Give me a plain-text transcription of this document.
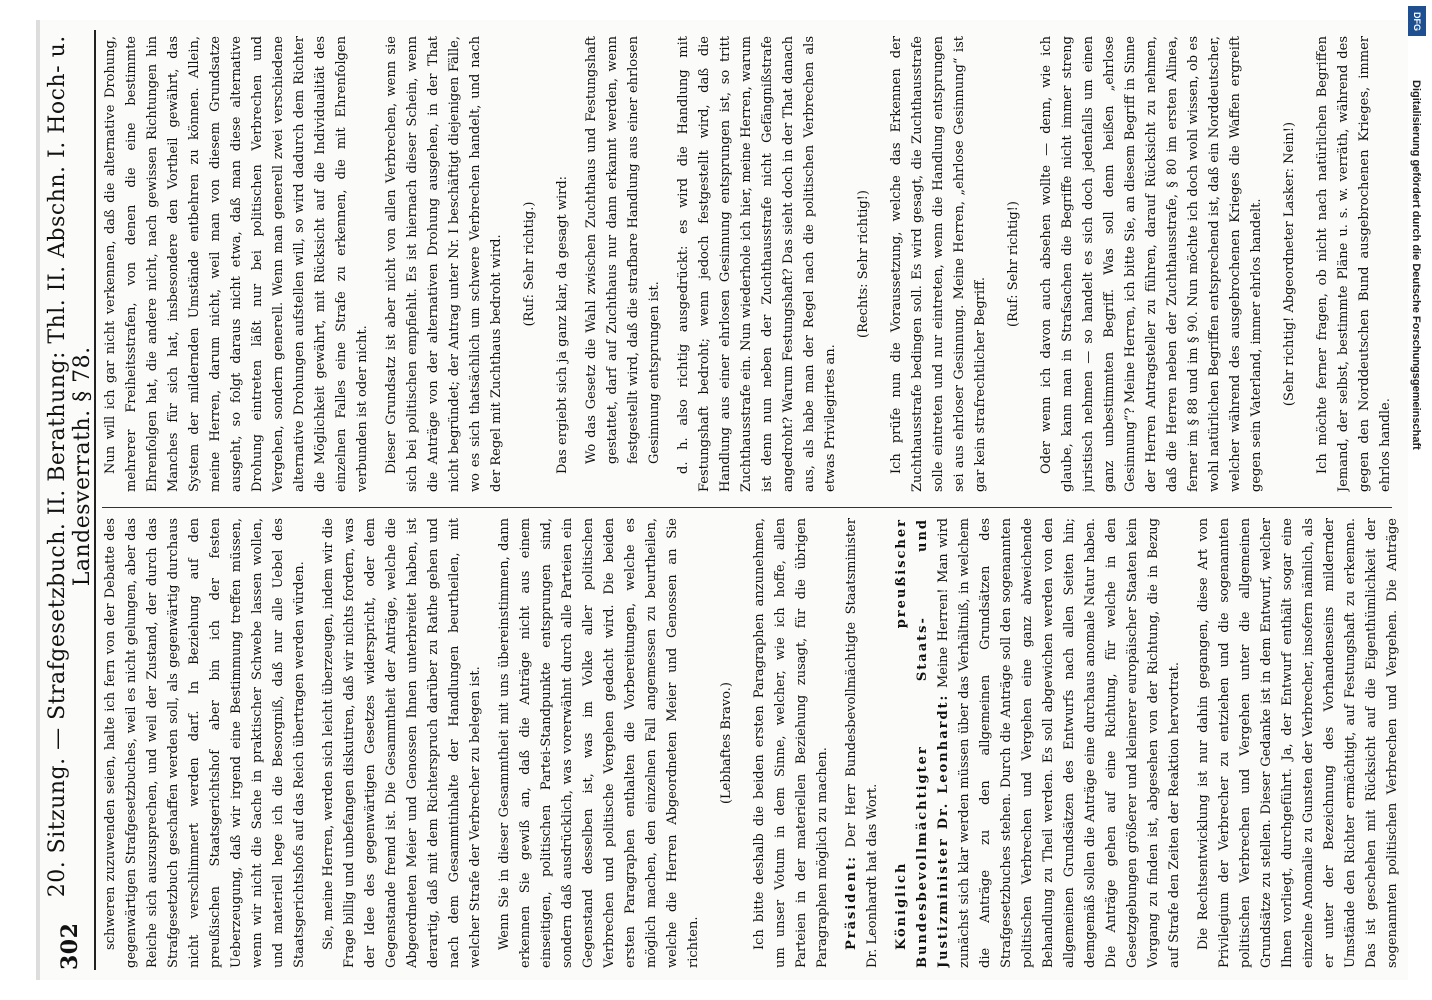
302
20. Sitzung. — Strafgesetzbuch. II. Berathung: Thl. II. Abschn. I. Hoch- u. Landesverrath. § 78.

schweren zuzuwenden seien, halte ich fern von der Debatte des gegenwärtigen Strafgesetzbuches, weil es nicht gelungen, aber das Reiche sich auszusprechen, und weil der Zustand, der durch das Strafgesetzbuch geschaffen werden soll, als gegenwärtig durchaus nicht verschlimmert werden darf. In Beziehung auf den preußischen Staatsgerichtshof aber bin ich der festen Ueberzeugung, daß wir irgend eine Bestimmung treffen müssen, wenn wir nicht die Sache in praktischer Schwebe lassen wollen, und materiell hege ich die Besorgniß, daß nur alle Uebel des Staatsgerichtshofs auf das Reich übertragen werden würden. Sie, meine Herren, werden sich leicht überzeugen, indem wir die Frage billig und unbefangen diskutiren, daß wir nichts fordern, was der Idee des gegenwärtigen Gesetzes widerspricht, oder dem Gegenstande fremd ist. Die Gesammtheit der Anträge, welche die Abgeordneten Meier und Genossen Ihnen unterbreitet haben, ist derartig, daß mit dem Richterspruch darüber zu Rathe gehen und nach dem Gesammtinhalte der Handlungen beurtheilen, mit welcher Strafe der Verbrecher zu belegen ist. Wenn Sie in dieser Gesammtheit mit uns übereinstimmen, dann erkennen Sie gewiß an, daß die Anträge nicht aus einem einseitigen, politischen Partei-Standpunkte entsprungen sind, sondern daß ausdrücklich, was vorerwähnt durch alle Parteien ein Gegenstand desselben ist, was im Volke aller politischen Verbrechen und politische Vergehen gedacht wird. Die beiden ersten Paragraphen enthalten die Vorbereitungen, welche es möglich machen, den einzelnen Fall angemessen zu beurtheilen, welche die Herren Abgeordneten Meier und Genossen an Sie richten.

(Lebhaftes Bravo.) Ich bitte deshalb die beiden ersten Paragraphen anzunehmen, um unser Votum in dem Sinne, welcher, wie ich hoffe, allen Parteien in der materiellen Beziehung zusagt, für die übrigen Paragraphen möglich zu machen. Präsident: Der Herr Bundesbevollmächtigte Staatsminister Dr. Leonhardt hat das Wort. Königlich preußischer Bundesbevollmächtigter Staats- und Justizminister Dr. Leonhardt: Meine Herren! Man wird zunächst sich klar werden müssen über das Verhältniß, in welchem die Anträge zu den allgemeinen Grundsätzen des Strafgesetzbuches stehen. Durch die Anträge soll den sogenannten politischen Verbrechen und Vergehen eine ganz abweichende Behandlung zu Theil werden. Es soll abgewichen werden von den allgemeinen Grundsätzen des Entwurfs nach allen Seiten hin; demgemäß sollen die Anträge eine durchaus anomale Natur haben. Die Anträge gehen auf eine Richtung, für welche in den Gesetzgebungen größerer und kleinerer europäischer Staaten kein Vorgang zu finden ist, abgesehen von der Richtung, die in Bezug auf Strafe den Zeiten der Reaktion hervortrat. Die Rechtsentwicklung ist nur dahin gegangen, diese Art von Privilegium der Verbrecher zu entziehen und die sogenannten politischen Verbrechen und Vergehen unter die allgemeinen Grundsätze zu stellen. Dieser Gedanke ist in dem Entwurf, welcher Ihnen vorliegt, durchgeführt. Ja, der Entwurf enthält sogar eine einzelne Anomalie zu Gunsten der Verbrecher, insofern nämlich, als er unter der Bezeichnung des Vorhandenseins mildernder Umstände den Richter ermächtigt, auf Festungshaft zu erkennen. Das ist geschehen mit Rücksicht auf die Eigenthümlichkeit der sogenannten politischen Verbrechen und Vergehen. Die Anträge

Nun will ich gar nicht verkennen, daß die alternative Drohung, mehrerer Freiheitsstrafen, von denen die eine bestimmte Ehrenfolgen hat, die andere nicht, nach gewissen Richtungen hin Manches für sich hat, insbesondere den Vortheil gewährt, das System der mildernden Umstände entbehren zu können. Allein, meine Herren, darum nicht, weil man von diesem Grundsatze ausgeht, so folgt daraus nicht etwa, daß man diese alternative Drohung eintreten läßt nur bei politischen Verbrechen und Vergehen, sondern generell. Wenn man generell zwei verschiedene alternative Drohungen aufstellen will, so wird dadurch dem Richter die Möglichkeit gewährt, mit Rücksicht auf die Individualität des einzelnen Falles eine Strafe zu erkennen, die mit Ehrenfolgen verbunden ist oder nicht. Dieser Grundsatz ist aber nicht von allen Verbrechen, wenn sie sich bei politischen empfiehlt. Es ist hiernach dieser Schein, wenn die Anträge von der alternativen Drohung ausgehen, in der That nicht begründet; der Antrag unter Nr. I beschäftigt diejenigen Fälle, wo es sich thatsächlich um schwere Verbrechen handelt, und nach der Regel mit Zuchthaus bedroht wird. (Ruf: Sehr richtig.) Das ergiebt sich ja ganz klar, da gesagt wird: Wo das Gesetz die Wahl zwischen Zuchthaus und Festungshaft gestattet, darf auf Zuchthaus nur dann erkannt werden, wenn festgestellt wird, daß die strafbare Handlung aus einer ehrlosen Gesinnung entsprungen ist. d. h. also richtig ausgedrückt: es wird die Handlung mit Festungshaft bedroht; wenn jedoch festgestellt wird, daß die Handlung aus einer ehrlosen Gesinnung entsprungen ist, so tritt Zuchthausstrafe ein. Nun wiederhole ich hier, meine Herren, warum ist denn nun neben der Zuchthausstrafe nicht Gefängnißstrafe angedroht? Warum Festungshaft? Das sieht doch in der That danach aus, als habe man der Regel nach die politischen Verbrechen als etwas Privilegirtes an.

(Rechts: Sehr richtig!) Ich prüfe nun die Voraussetzung, welche das Erkennen der Zuchthausstrafe bedingen soll. Es wird gesagt, die Zuchthausstrafe solle eintreten und nur eintreten, wenn die Handlung entsprungen sei aus ehrloser Gesinnung. Meine Herren, „ehrlose Gesinnung“ ist gar kein strafrechtlicher Begriff.

(Ruf: Sehr richtig!) Oder wenn ich davon auch absehen wollte — denn, wie ich glaube, kann man in Strafsachen die Begriffe nicht immer streng juristisch nehmen — so handelt es sich doch jedenfalls um einen ganz unbestimmten Begriff. Was soll denn heißen „ehrlose Gesinnung“? Meine Herren, ich bitte Sie, an diesem Begriff in Sinne der Herren Antragsteller zu führen, darauf Rücksicht zu nehmen, daß die Herren neben der Zuchthausstrafe, § 80 im ersten Alinea, ferner im § 88 und im § 90. Nun möchte ich doch wohl wissen, ob es wohl natürlichen Begriffen entsprechend ist, daß ein Norddeutscher, welcher während des ausgebrochenen Krieges die Waffen ergreift gegen sein Vaterland, immer ehrlos handelt. (Sehr richtig! Abgeordneter Lasker: Nein!) Ich möchte ferner fragen, ob nicht nach natürlichen Begriffen Jemand, der selbst, bestimmte Pläne u. s. w. verräth, während des gegen den Norddeutschen Bund ausgebrochenen Krieges, immer ehrlos handle. Digitalisierung gefördert durch die Deutsche Forschungsgemeinschaft
DFG
